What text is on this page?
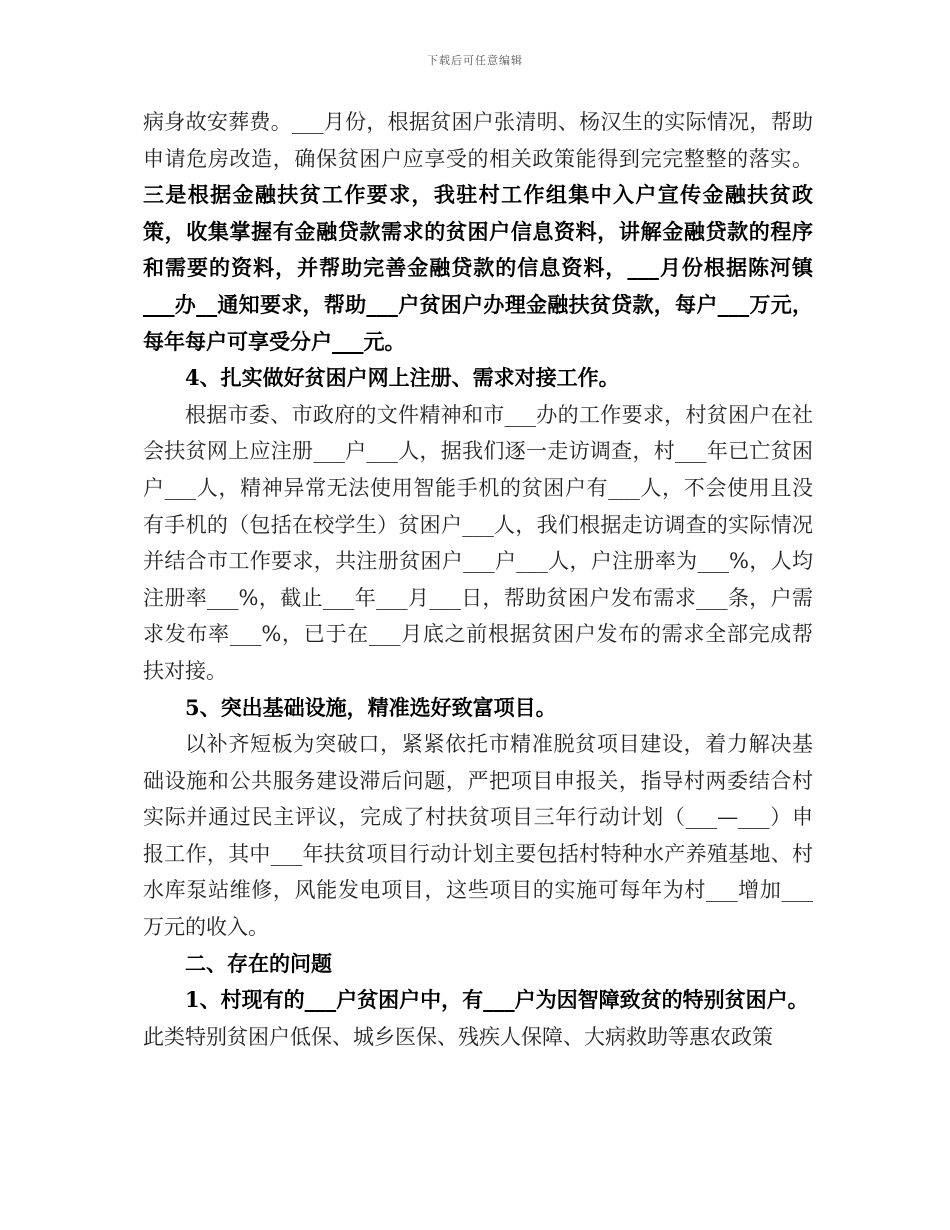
下载后可任意编辑

病身故安葬费。___月份，根据贫困户张清明、杨汉生的实际情况，帮助申请危房改造，确保贫困户应享受的相关政策能得到完完整整的落实。三是根据金融扶贫工作要求，我驻村工作组集中入户宣传金融扶贫政策，收集掌握有金融贷款需求的贫困户信息资料，讲解金融贷款的程序和需要的资料，并帮助完善金融贷款的信息资料，___月份根据陈河镇___办__通知要求，帮助___户贫困户办理金融扶贫贷款，每户___万元，每年每户可享受分户___元。

4、扎实做好贫困户网上注册、需求对接工作。

根据市委、市政府的文件精神和市___办的工作要求，村贫困户在社会扶贫网上应注册___户___人，据我们逐一走访调查，村___年已亡贫困户___人，精神异常无法使用智能手机的贫困户有___人，不会使用且没有手机的（包括在校学生）贫困户___人，我们根据走访调查的实际情况并结合市工作要求，共注册贫困户___户___人，户注册率为___%，人均注册率___%，截止___年___月___日，帮助贫困户发布需求___条，户需求发布率___%，已于在___月底之前根据贫困户发布的需求全部完成帮扶对接。

5、突出基础设施，精准选好致富项目。

以补齐短板为突破口，紧紧依托市精准脱贫项目建设，着力解决基础设施和公共服务建设滞后问题，严把项目申报关，指导村两委结合村实际并通过民主评议，完成了村扶贫项目三年行动计划（___—___）申报工作，其中___年扶贫项目行动计划主要包括村特种水产养殖基地、村水库泵站维修，风能发电项目，这些项目的实施可每年为村___增加___万元的收入。

二、存在的问题

1、村现有的___户贫困户中，有___户为因智障致贫的特别贫困户。

此类特别贫困户低保、城乡医保、残疾人保障、大病救助等惠农政策
